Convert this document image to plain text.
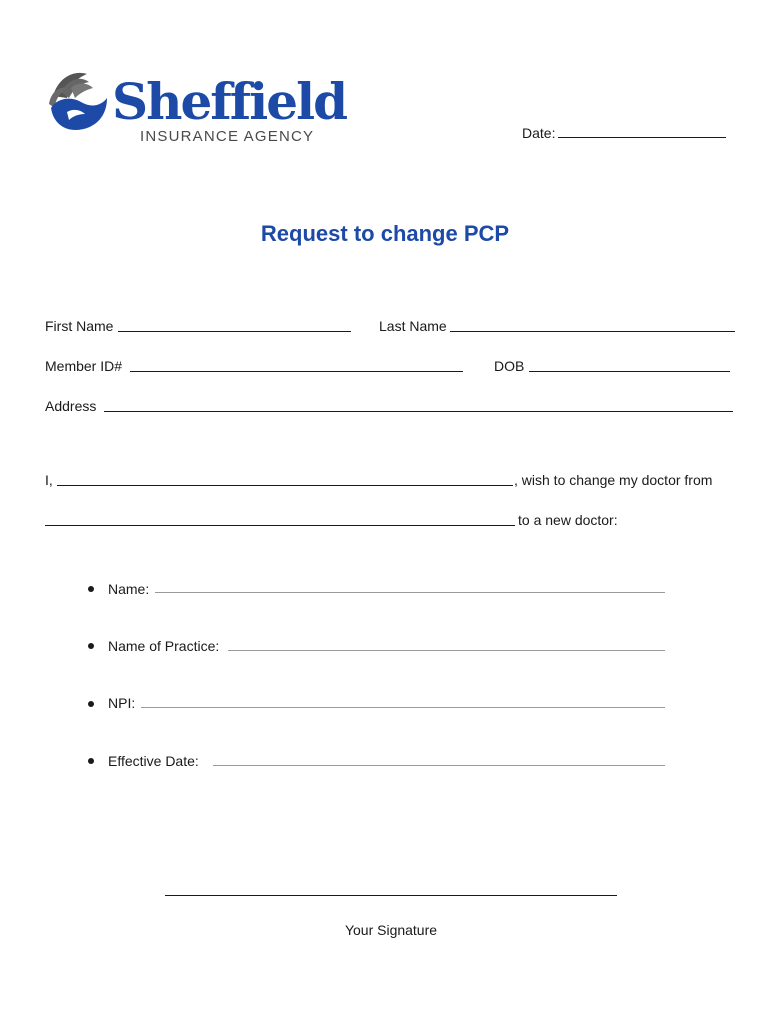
Sheffield
INSURANCE AGENCY	Date:
Request to change PCP
First Name	Last Name
Member ID#	DOB
Address
I,	, wish to change my doctor from
to a new doctor:
Name:
Name of Practice:
NPI:
Effective Date:
Your Signature
